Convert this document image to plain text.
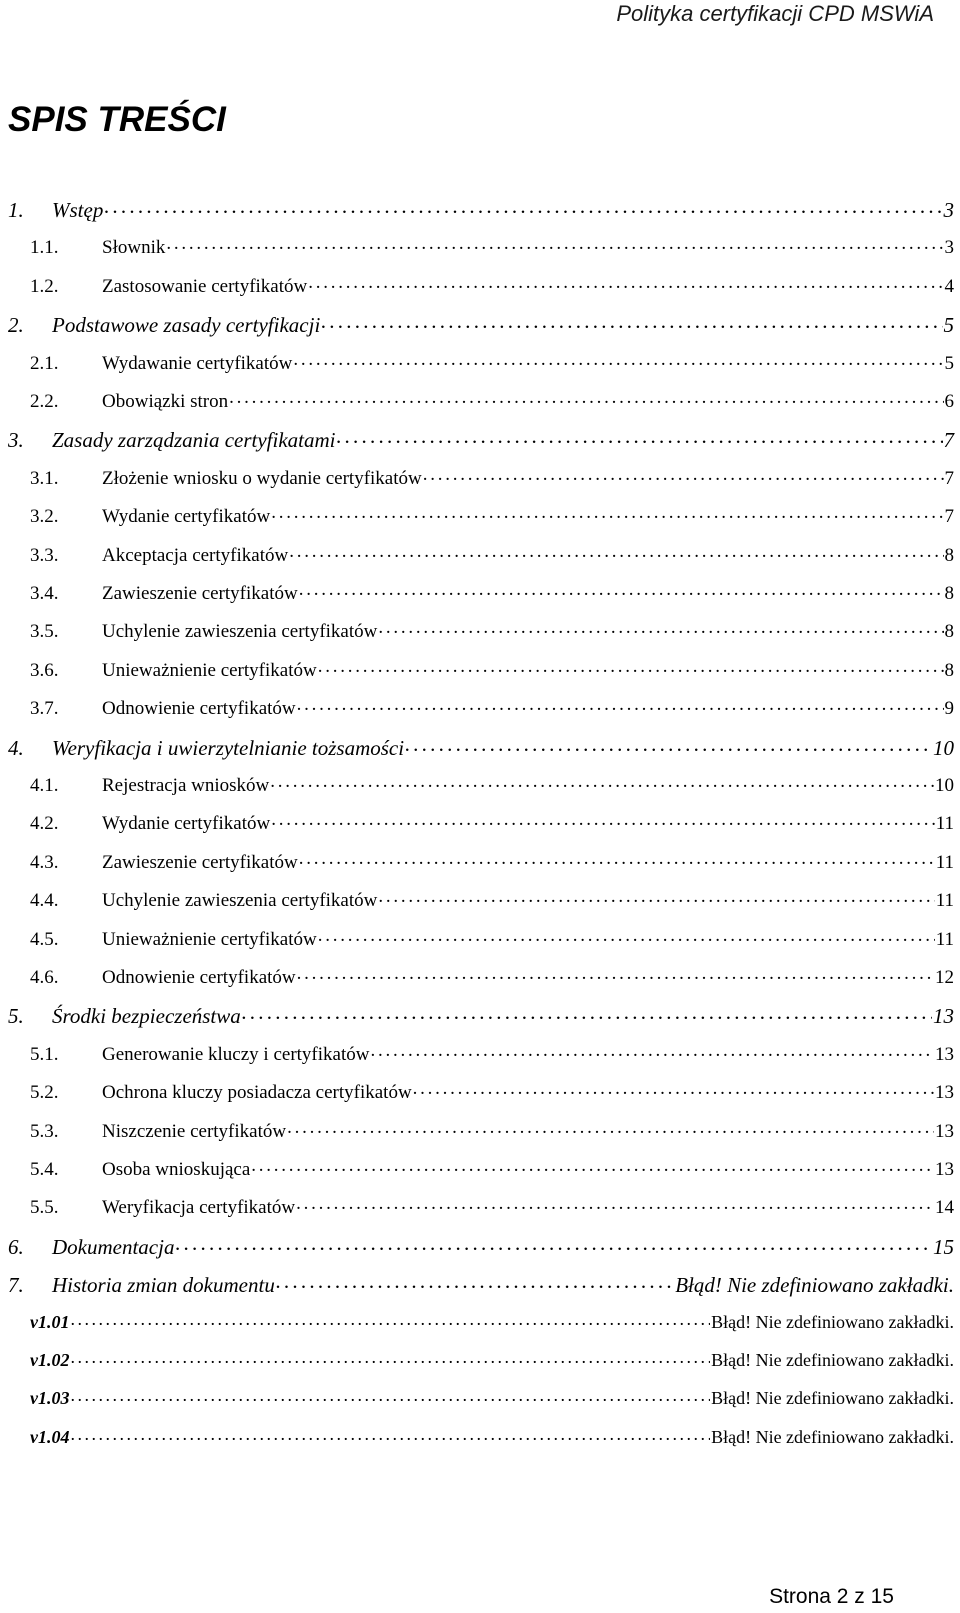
Polityka certyfikacji CPD MSWiA
SPIS TREŚCI
1.	Wstęp . . .	3
1.1.	Słownik . . .	3
1.2.	Zastosowanie certyfikatów . . .	4
2.	Podstawowe zasady certyfikacji . . .	5
2.1.	Wydawanie certyfikatów . . .	5
2.2.	Obowiązki stron . . .	6
3.	Zasady zarządzania certyfikatami . . .	7
3.1.	Złożenie wniosku o wydanie certyfikatów . . .	7
3.2.	Wydanie certyfikatów . . .	7
3.3.	Akceptacja certyfikatów . . .	8
3.4.	Zawieszenie certyfikatów . . .	8
3.5.	Uchylenie zawieszenia certyfikatów . . .	8
3.6.	Unieważnienie certyfikatów . . .	8
3.7.	Odnowienie certyfikatów . . .	9
4.	Weryfikacja i uwierzytelnianie tożsamości . . .	10
4.1.	Rejestracja wniosków . . .	10
4.2.	Wydanie certyfikatów . . .	11
4.3.	Zawieszenie certyfikatów . . .	11
4.4.	Uchylenie zawieszenia certyfikatów . . .	11
4.5.	Unieważnienie certyfikatów . . .	11
4.6.	Odnowienie certyfikatów . . .	12
5.	Środki bezpieczeństwa . . .	13
5.1.	Generowanie kluczy i certyfikatów . . .	13
5.2.	Ochrona kluczy posiadacza certyfikatów . . .	13
5.3.	Niszczenie certyfikatów . . .	13
5.4.	Osoba wnioskująca . . .	13
5.5.	Weryfikacja certyfikatów . . .	14
6.	Dokumentacja . . .	15
7.	Historia zmian dokumentu . . .	Błąd! Nie zdefiniowano zakładki.
v1.01 . . .	Błąd! Nie zdefiniowano zakładki.
v1.02 . . .	Błąd! Nie zdefiniowano zakładki.
v1.03 . . .	Błąd! Nie zdefiniowano zakładki.
v1.04 . . .	Błąd! Nie zdefiniowano zakładki.
Strona 2 z 15
